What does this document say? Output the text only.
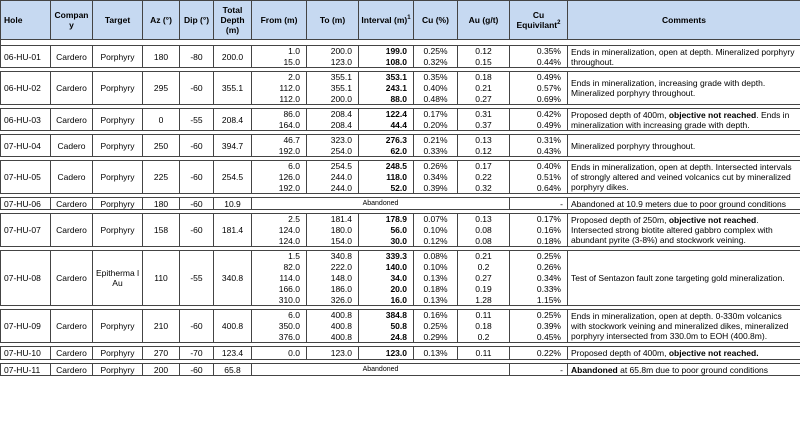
Hole	Compan y	Target	Az (°)	Dip (°)	Total Depth (m)	From (m)	To (m)	Interval $(m)^1$	Cu (%)	Au (g/t)	Cu Equivilant$^2$	Comments

06-HU-01	Cardero	Porphyry	180	-80	200.0	1.0	200.0	199.0	0.25%	0.12	0.35%	Ends in mineralization, open at depth. Mineralized porphyry throughout.
						15.0	123.0	108.0	0.32%	0.15	0.44%	

06-HU-02	Cardero	Porphyry	295	-60	355.1	2.0	355.1	353.1	0.35%	0.18	0.49%	Ends in mineralization, increasing grade with depth. Mineralized porphyry throughout.
						112.0	355.1	243.1	0.40%	0.21	0.57%	
						112.0	200.0	88.0	0.48%	0.27	0.69%	

06-HU-03	Cardero	Porphyry	0	-55	208.4	86.0	208.4	122.4	0.17%	0.31	0.42%	Proposed depth of 400m, objective not reached. Ends in mineralization with increasing grade with depth.
						164.0	208.4	44.4	0.20%	0.37	0.49%	

07-HU-04	Cadero	Porphyry	250	-60	394.7	46.7	323.0	276.3	0.21%	0.13	0.31%	Mineralized porphyry throughout.
						192.0	254.0	62.0	0.33%	0.12	0.43%	

07-HU-05	Cadero	Porphyry	225	-60	254.5	6.0	254.5	248.5	0.26%	0.17	0.40%	Ends in mineralization, open at depth. Intersected intervals of strongly altered and veined volcanics cut by mineralized porphyry dikes.
						126.0	244.0	118.0	0.34%	0.22	0.51%	
						192.0	244.0	52.0	0.39%	0.32	0.64%	

07-HU-06	Cardero	Porphyry	180	-60	10.9	Abandoned					-	Abandoned at 10.9 meters due to poor ground conditions

07-HU-07	Cardero	Porphyry	158	-60	181.4	2.5	181.4	178.9	0.07%	0.13	0.17%	Proposed depth of 250m, objective not reached. Intersected strong biotite altered gabbro complex with abundant pyrite (3-8%) and stockwork veining.
						124.0	180.0	56.0	0.10%	0.08	0.16%	
						124.0	154.0	30.0	0.12%	0.08	0.18%	

07-HU-08	Cardero	Epitherma l Au	110	-55	340.8	1.5	340.8	339.3	0.08%	0.21	0.25%	Test of Sentazon fault zone targeting gold mineralization.
						82.0	222.0	140.0	0.10%	0.2	0.26%	
						114.0	148.0	34.0	0.13%	0.27	0.34%	
						166.0	186.0	20.0	0.18%	0.19	0.33%	
						310.0	326.0	16.0	0.13%	1.28	1.15%	

07-HU-09	Cardero	Porphyry	210	-60	400.8	6.0	400.8	384.8	0.16%	0.11	0.25%	Ends in mineralization, open at depth. 0-330m volcanics with stockwork veining and mineralized dikes, mineralized porphyry intersected from 330.0m to EOH (400.8m).
						350.0	400.8	50.8	0.25%	0.18	0.39%	
						376.0	400.8	24.8	0.29%	0.2	0.45%	

07-HU-10	Cardero	Porphyry	270	-70	123.4	0.0	123.0	123.0	0.13%	0.11	0.22%	Proposed depth of 400m, objective not reached.

07-HU-11	Cardero	Porphyry	200	-60	65.8	Abandoned					-	Abandoned at 65.8m due to poor ground conditions
